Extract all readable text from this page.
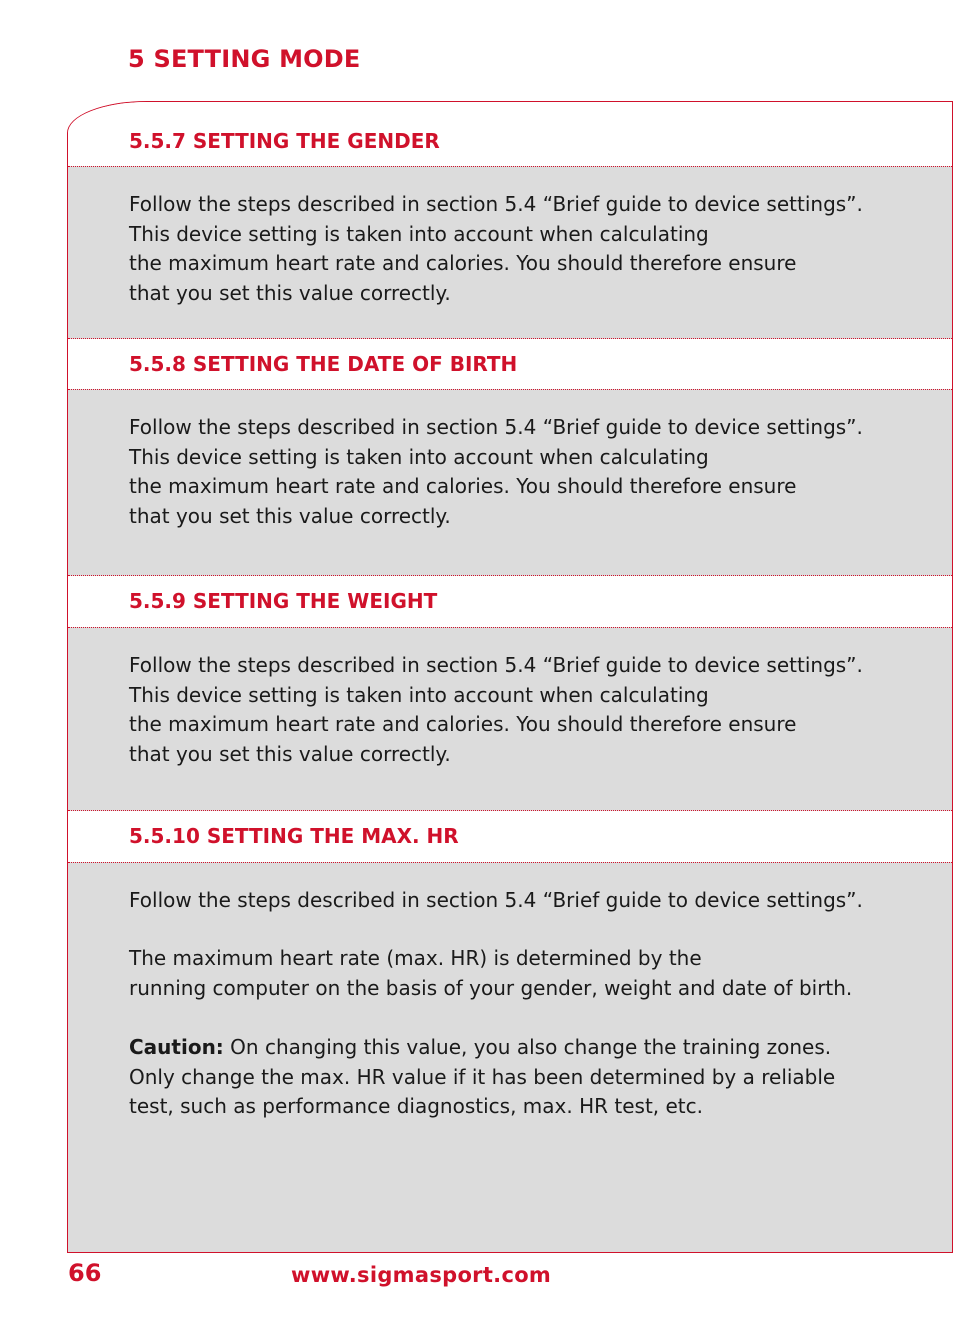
5 SETTING MODE
5.5.7 SETTING THE GENDER

Follow the steps described in section 5.4 “Brief guide to device settings”.
This device setting is taken into account when calculating
the maximum heart rate and calories. You should therefore ensure
that you set this value correctly.

5.5.8 SETTING THE DATE OF BIRTH

Follow the steps described in section 5.4 “Brief guide to device settings”.
This device setting is taken into account when calculating
the maximum heart rate and calories. You should therefore ensure
that you set this value correctly.

5.5.9 SETTING THE WEIGHT

Follow the steps described in section 5.4 “Brief guide to device settings”.
This device setting is taken into account when calculating
the maximum heart rate and calories. You should therefore ensure
that you set this value correctly.

5.5.10 SETTING THE MAX. HR

Follow the steps described in section 5.4 “Brief guide to device settings”.

The maximum heart rate (max. HR) is determined by the
running computer on the basis of your gender, weight and date of birth.

Caution: On changing this value, you also change the training zones.
Only change the max. HR value if it has been determined by a reliable
test, such as performance diagnostics, max. HR test, etc.

66	www.sigmasport.com
